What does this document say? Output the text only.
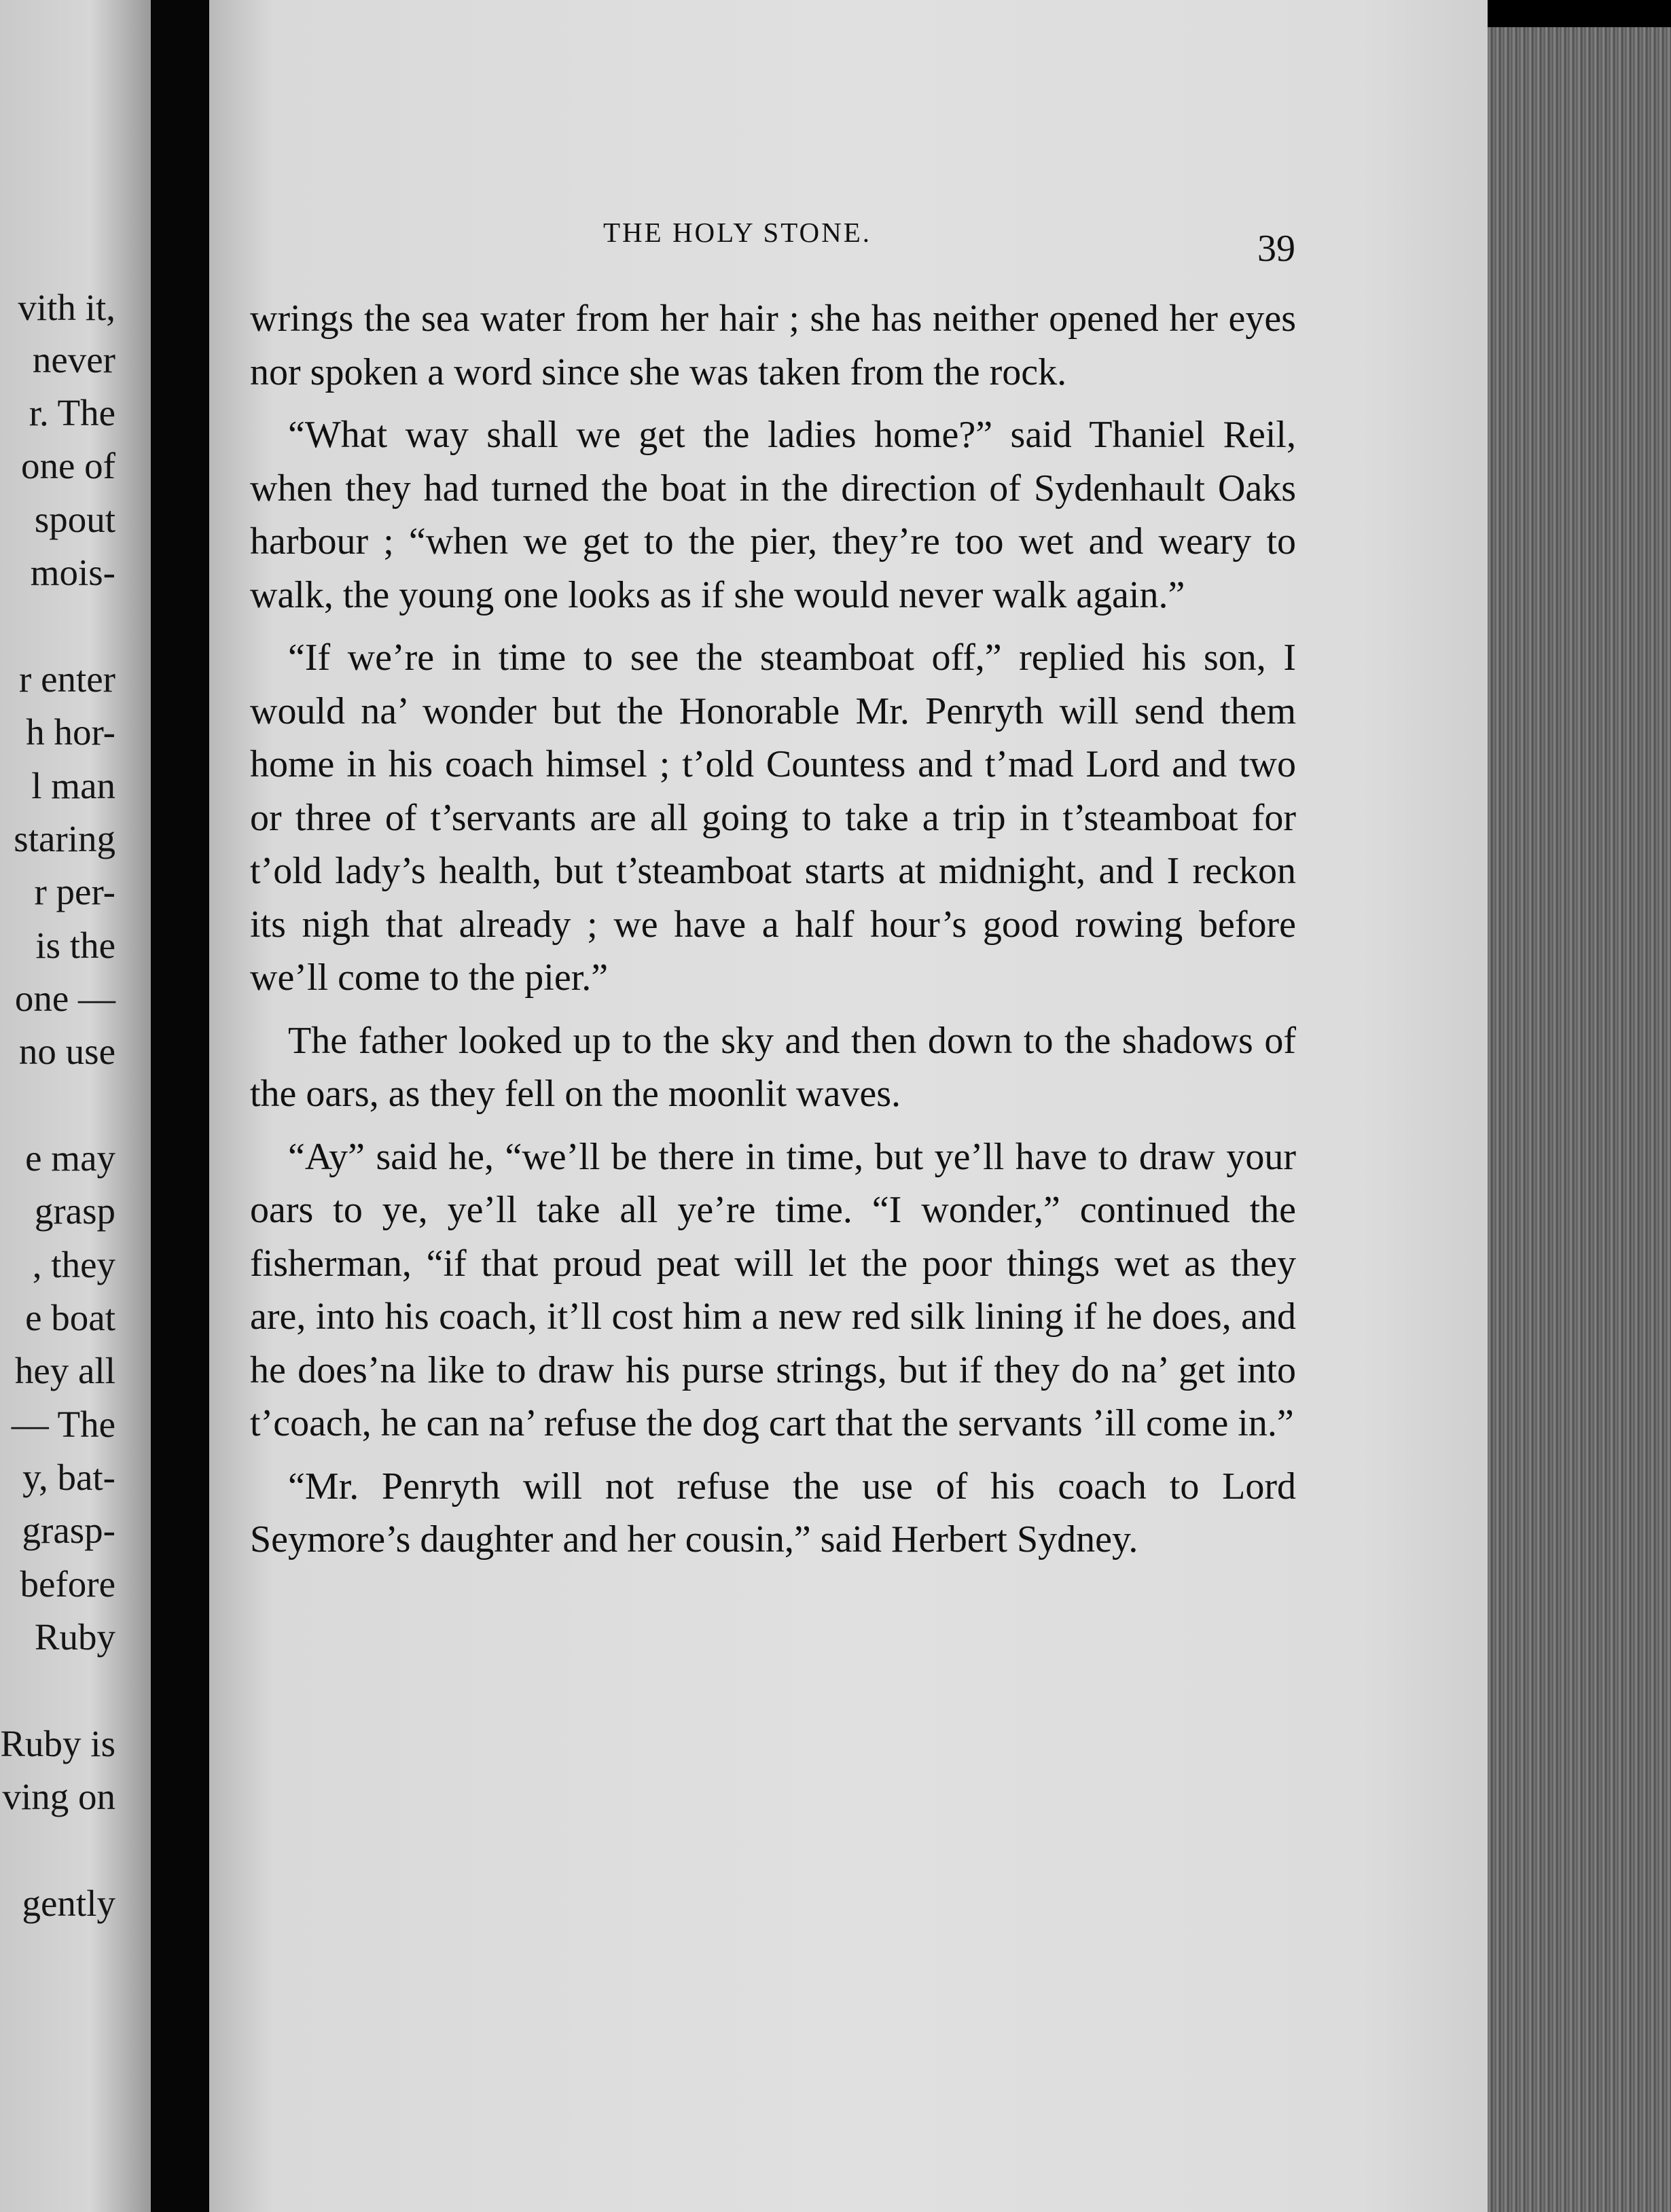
vith it,
never
r. The
one of
spout
mois-
r enter
h hor-
l man
staring
r per-
is the
one —
no use
e may
grasp
, they
e boat
hey all
— The
y, bat-
grasp-
before
Ruby
Ruby is
ving on
gently
THE HOLY STONE.	39

wrings the sea water from her hair ; she has neither opened her eyes nor spoken a word since she was taken from the rock.

“What way shall we get the ladies home?” said Thaniel Reil, when they had turned the boat in the direction of Sydenhault Oaks harbour ; “when we get to the pier, they’re too wet and weary to walk, the young one looks as if she would never walk again.”

“If we’re in time to see the steamboat off,” replied his son, I would na’ wonder but the Honorable Mr. Penryth will send them home in his coach himsel ; t’old Countess and t’mad Lord and two or three of t’servants are all going to take a trip in t’steamboat for t’old lady’s health, but t’steamboat starts at midnight, and I reckon its nigh that already ; we have a half hour’s good rowing before we’ll come to the pier.”

The father looked up to the sky and then down to the shadows of the oars, as they fell on the moonlit waves.

“Ay” said he, “we’ll be there in time, but ye’ll have to draw your oars to ye, ye’ll take all ye’re time. “I wonder,” continued the fisherman, “if that proud peat will let the poor things wet as they are, into his coach, it’ll cost him a new red silk lining if he does, and he does’na like to draw his purse strings, but if they do na’ get into t’coach, he can na’ refuse the dog cart that the servants ’ill come in.”

“Mr. Penryth will not refuse the use of his coach to Lord Seymore’s daughter and her cousin,” said Herbert Sydney.
